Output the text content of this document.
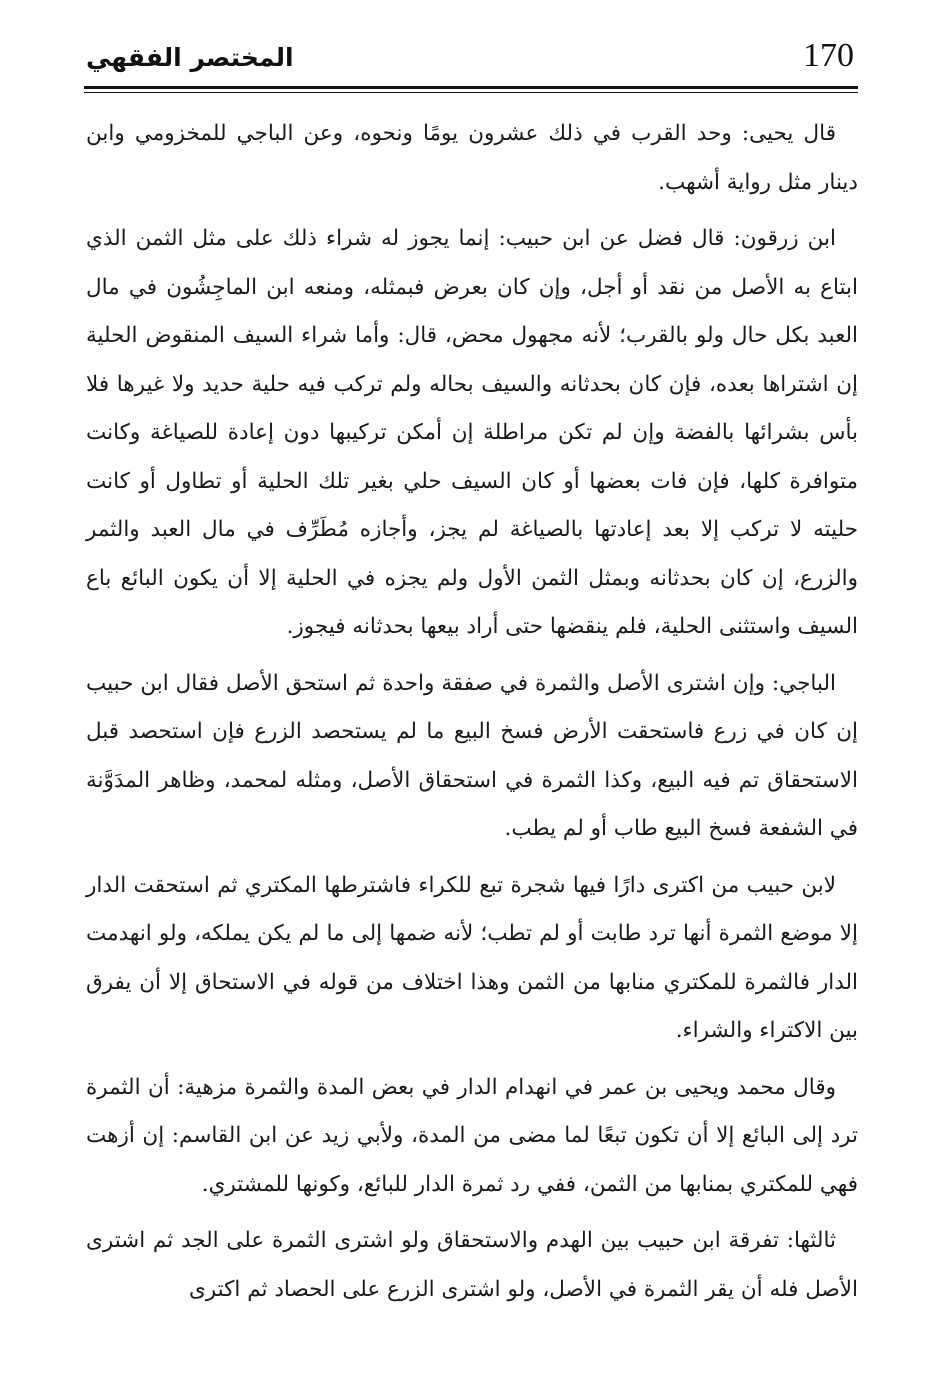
170
المختصر الفقهي

قال يحيى: وحد القرب في ذلك عشرون يومًا ونحوه، وعن الباجي للمخزومي وابن دينار مثل رواية أشهب.

ابن زرقون: قال فضل عن ابن حبيب: إنما يجوز له شراء ذلك على مثل الثمن الذي ابتاع به الأصل من نقد أو أجل، وإن كان بعرض فبمثله، ومنعه ابن الماجِشُون في مال العبد بكل حال ولو بالقرب؛ لأنه مجهول محض، قال: وأما شراء السيف المنقوض الحلية إن اشتراها بعده، فإن كان بحدثانه والسيف بحاله ولم تركب فيه حلية حديد ولا غيرها فلا بأس بشرائها بالفضة وإن لم تكن مراطلة إن أمكن تركيبها دون إعادة للصياغة وكانت متوافرة كلها، فإن فات بعضها أو كان السيف حلي بغير تلك الحلية أو تطاول أو كانت حليته لا تركب إلا بعد إعادتها بالصياغة لم يجز، وأجازه مُطَرِّف في مال العبد والثمر والزرع، إن كان بحدثانه وبمثل الثمن الأول ولم يجزه في الحلية إلا أن يكون البائع باع السيف واستثنى الحلية، فلم ينقضها حتى أراد بيعها بحدثانه فيجوز.

الباجي: وإن اشترى الأصل والثمرة في صفقة واحدة ثم استحق الأصل فقال ابن حبيب إن كان في زرع فاستحقت الأرض فسخ البيع ما لم يستحصد الزرع فإن استحصد قبل الاستحقاق تم فيه البيع، وكذا الثمرة في استحقاق الأصل، ومثله لمحمد، وظاهر المدَوَّنة في الشفعة فسخ البيع طاب أو لم يطب.

لابن حبيب من اكترى دارًا فيها شجرة تبع للكراء فاشترطها المكتري ثم استحقت الدار إلا موضع الثمرة أنها ترد طابت أو لم تطب؛ لأنه ضمها إلى ما لم يكن يملكه، ولو انهدمت الدار فالثمرة للمكتري منابها من الثمن وهذا اختلاف من قوله في الاستحاق إلا أن يفرق بين الاكتراء والشراء.

وقال محمد ويحيى بن عمر في انهدام الدار في بعض المدة والثمرة مزهية: أن الثمرة ترد إلى البائع إلا أن تكون تبعًا لما مضى من المدة، ولأبي زيد عن ابن القاسم: إن أزهت فهي للمكتري بمنابها من الثمن، ففي رد ثمرة الدار للبائع، وكونها للمشتري.

ثالثها: تفرقة ابن حبيب بين الهدم والاستحقاق ولو اشترى الثمرة على الجد ثم اشترى الأصل فله أن يقر الثمرة في الأصل، ولو اشترى الزرع على الحصاد ثم اكترى
